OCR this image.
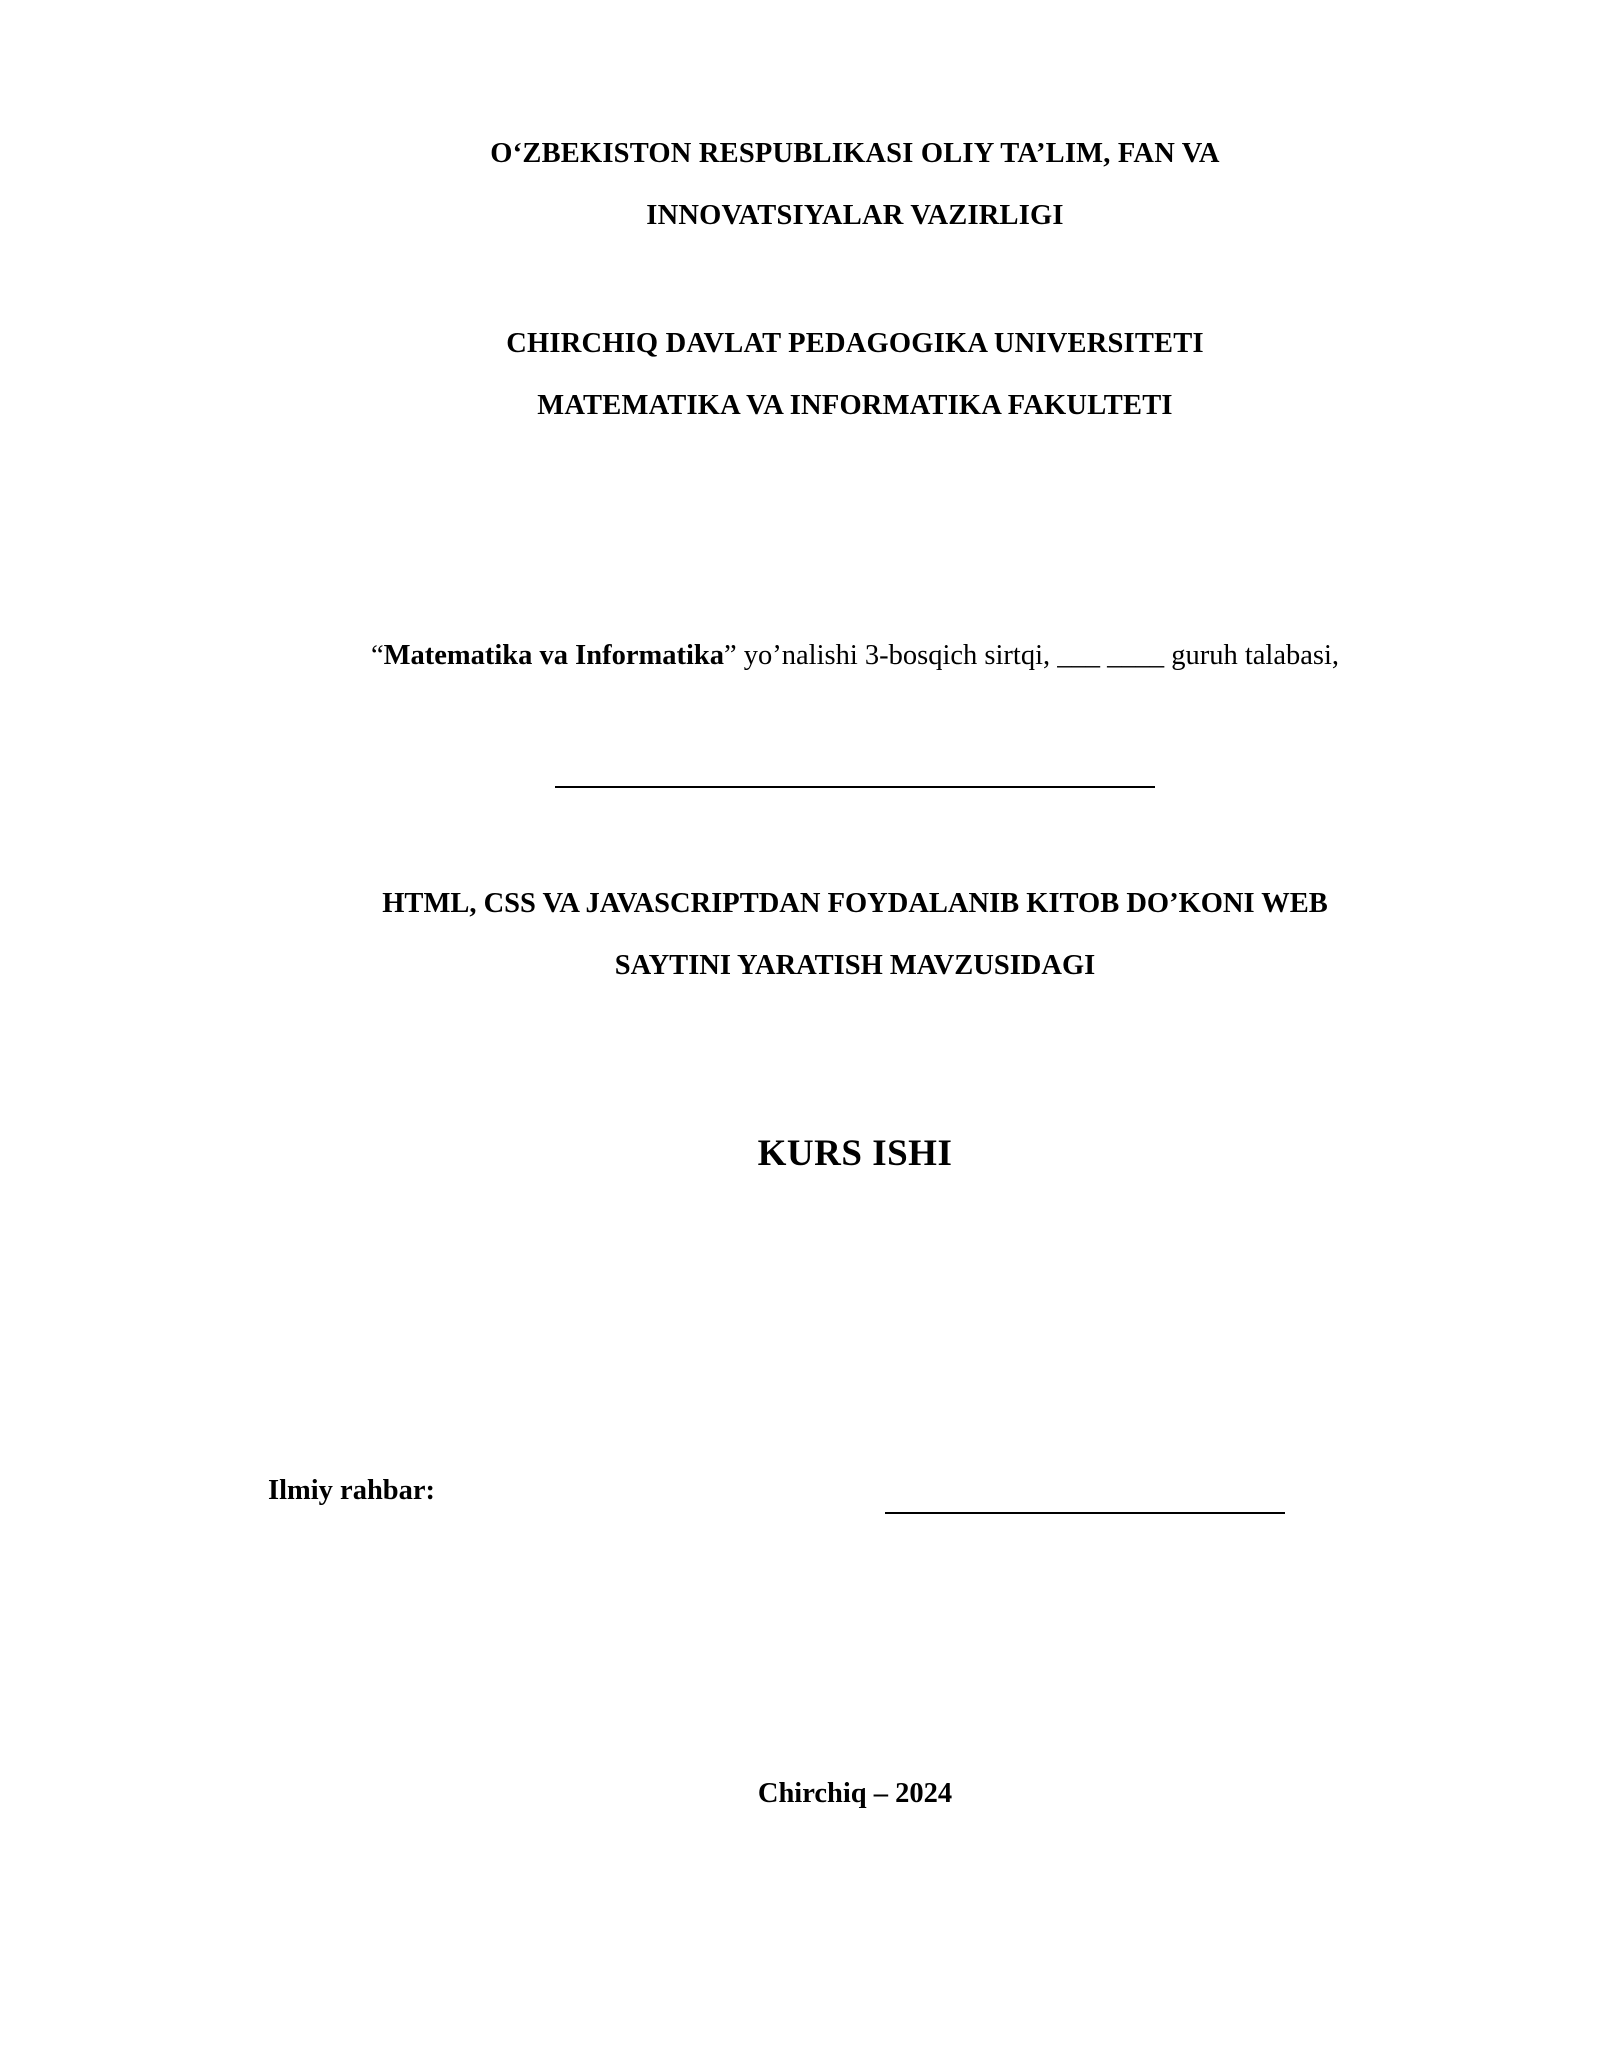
O‘ZBEKISTON RESPUBLIKASI OLIY TA’LIM, FAN VA
INNOVATSIYALAR VAZIRLIGI
CHIRCHIQ DAVLAT PEDAGOGIKA UNIVERSITETI
MATEMATIKA VA INFORMATIKA FAKULTETI
“Matematika va Informatika” yo’nalishi 3-bosqich sirtqi, ___ ____ guruh talabasi,
HTML, CSS VA JAVASCRIPTDAN FOYDALANIB KITOB DO’KONI WEB
SAYTINI YARATISH MAVZUSIDAGI
KURS ISHI
Ilmiy rahbar:
Chirchiq – 2024
